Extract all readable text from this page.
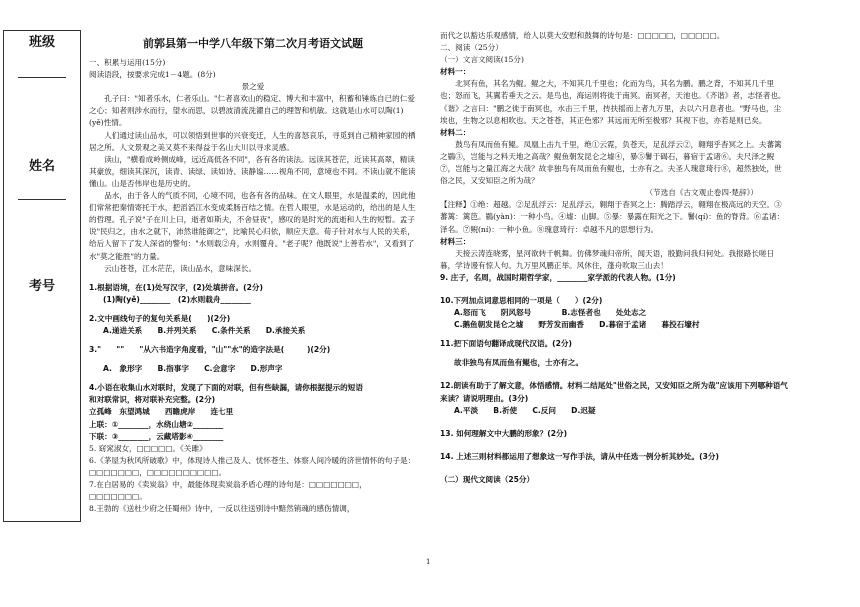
班级
姓名
考号
前郭县第一中学八年级下第二次月考语文试题

一、积累与运用(15分)

阅读语段，按要求完成1－4题。(8分)

景之爱

孔子曰："知者乐水，仁者乐山。"仁者喜欢山的稳定、博大和丰富中，积蓄和锤炼自已的仁爱之心；知者则涉水而行，望水而思，以碧波清流洗濯自己的理智和机敏。这就是山水可以陶(1)(yě)性情。

人们通过读山品水，可以领悟到世事的兴衰变迁，人生的喜怒哀乐，寻觅到自己精神家园的栖居之所。人文景观之美又莫不来得益于名山大川以寻求灵感。

读山，"横看成岭侧成峰，远近高低各不同"，各有各的读法。远读其苍茫，近读其高翠，精读其豪放，细读其深沉，读青、读绿、读如诗、读静谧……视角不同，意境也不同。不读山就不能读懂山。山是否伟岸也是历史的。

品水，由于各人的气质不同，心境不同，也各有各的品味。在文人眼里，水是温柔的，因此他们常常把秦情寄托于水，把滔滔江水变成柔肠百结之情。在哲人眼里，水是运动的，给出的是人生的哲理。孔子说"子在川上曰，逝者如斯夫，不舍昼夜"，感叹的是时光的流逝和人生的短暂。孟子说"民归之，由水之就下，沛然谁能御之"，比喻民心归依，顺应天意。荀子针对水与人民的关系，给后人留下了发人深省的警句："水则载②舟，水则覆舟。"老子呢？他既说"上善若水"，又看到了水"莫之能胜"的力量。

云山苍苍，江水茫茫，读山品水，意味深长。

1.根据语境，在(1)处写汉字，(2)处填拼音。(2分)

(1)陶(yě)________　(2)水则载舟________

2.文中画线句子的复句关系是(　　)(2分)

A.递进关系　　B.并列关系　　C.条件关系　　D.承接关系

3."　　""　　"从六书造字角度看，"山""水"的造字法是(　　　)(2分)

A.　象形字　　B.指事字　　C.会意字　　D.形声字

4.小语在收集山水对联时，发现了下面的对联，但有些缺漏，请你根据提示的短语

和对联常识，将对联补充完整。(2分)

立孤峰　东望鸿城　　西瞻虎岸　　连七里

上联：①________，水绕山塘②________

下联：③________，云藏塔影④________

5. 窈窕淑女，□□□□□。《关雎》

6.《茅屋为秋风所破歌》中，体现诗人推己及人、忧怀苍生、体察人间冷暖的济世情怀的句子是：□□□□□□□，□□□□□□□□□□。

7.在白居易的《卖炭翁》中，最能体现卖炭翁矛盾心理的诗句是：□□□□□□□，□□□□□□□。

8.王勃的《送杜少府之任蜀州》诗中，一反以往送别诗中黯然销魂的感伤情调，

而代之以豁达乐观感情，给人以莫大安慰和鼓舞的诗句是：□□□□□，□□□□□。

二、阅读（25分）

（一）文言文阅读(15分)

材料一：

北冥有鱼，其名为鲲。鲲之大，不知其几千里也；化而为鸟，其名为鹏。鹏之背，不知其几千里也；怒而飞，其翼若垂天之云。是鸟也，海运则将徙于南冥。南冥者，天池也。《齐谐》者，志怪者也。《谐》之言曰："鹏之徙于南冥也，水击三千里，抟扶摇而上者九万里，去以六月息者也。"野马也，尘埃也，生物之以息相吹也。天之苍苍，其正色邪？其远而无所至极邪？其视下也，亦若是则已矣。

材料二：

鼓鸟有凤而鱼有鲲。凤凰上击九千里，绝①云霓，负苍天，足乱浮云②，翱翔乎杳冥之上。夫蕃篱之鷃③，岂能与之料天地之高哉？鲲鱼朝发昆仑之墟④，暴⑤鬐于碣石，暮宿于孟诸⑥。夫尺泽之鲵⑦，岂能与之量江海之大哉？故非独鸟有凤而鱼有鲲也，士亦有之。夫圣人瑰意琦行⑧，超然独处，世俗之民，又安知臣之所为哉？

（节选自《古文观止卷四·楚辞》）

【注释】①绝：超越。②足乱浮云：足乱浮云，翱翔于杳冥之上：腾踏浮云，翱翔在极高远的天空。③蕃篱：篱笆。鷃(yàn)：一种小鸟。④墟：山脚。⑤暴：暴露在阳光之下。鬐(qí)：鱼的脊背。⑥孟诸：泽名。⑦鲵(ní)：一种小鱼。⑧瑰意琦行：卓越不凡的思想行为。

材料三：

天接云涛连晓雾，星河欲转千帆舞。仿佛梦魂归帝所，闻天语，殷勤问我归何处。我报路长嗟日暮，学诗谩有惊人句。九万里风鹏正举。风休住，蓬舟吹取三山去！

9. 庄子，名周，战国时期哲学家，________家学派的代表人物。(1分)

10.下列加点词意思相同的一项是（　　）(2分)

A.怒而飞　　阴风怒号　　　　B.志怪者也　　处处志之

C.鹅鱼朝发昆仑之墟　　野芳发而幽香　　D.暮宿于孟诸　　暮投石壕村

11.把下面语句翻译成现代汉语。(2分)

故非独鸟有凤而鱼有鲲也，士亦有之。

12.朗读有助于了解文意，体悟感情。材料二结尾处"世俗之民，又安知臣之所为哉"应该用下列哪种语气来读？请说明理由。(3分)

A.平淡　　B.祈使　　C.反问　　D.迟疑

13. 如何理解文中大鹏的形象？(2分)

14. 上述三则材料都运用了想象这一写作手法，请从中任选一例分析其妙处。(3分)

（二）现代文阅读（25分）

1
